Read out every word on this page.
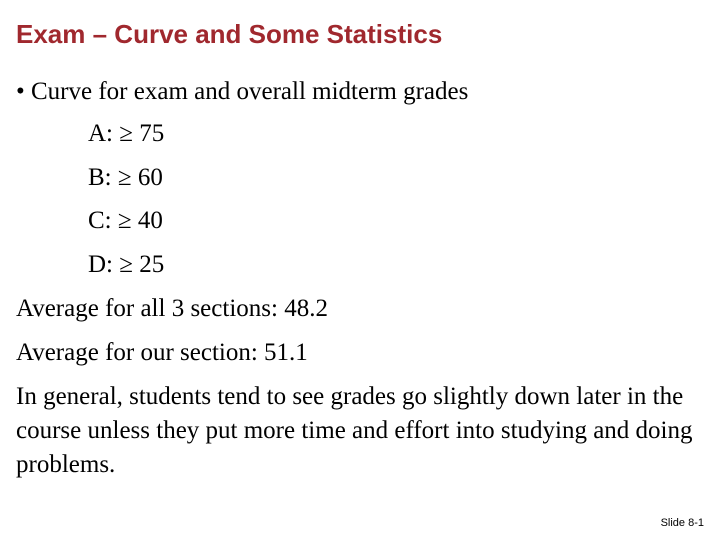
Exam – Curve and Some Statistics
• Curve for exam and overall midterm grades
A: ≥ 75
B: ≥ 60
C: ≥ 40
D: ≥ 25
Average for all 3 sections: 48.2
Average for our section: 51.1

In general, students tend to see grades go slightly down later in the course unless they put more time and effort into studying and doing problems.

Slide 8-1
